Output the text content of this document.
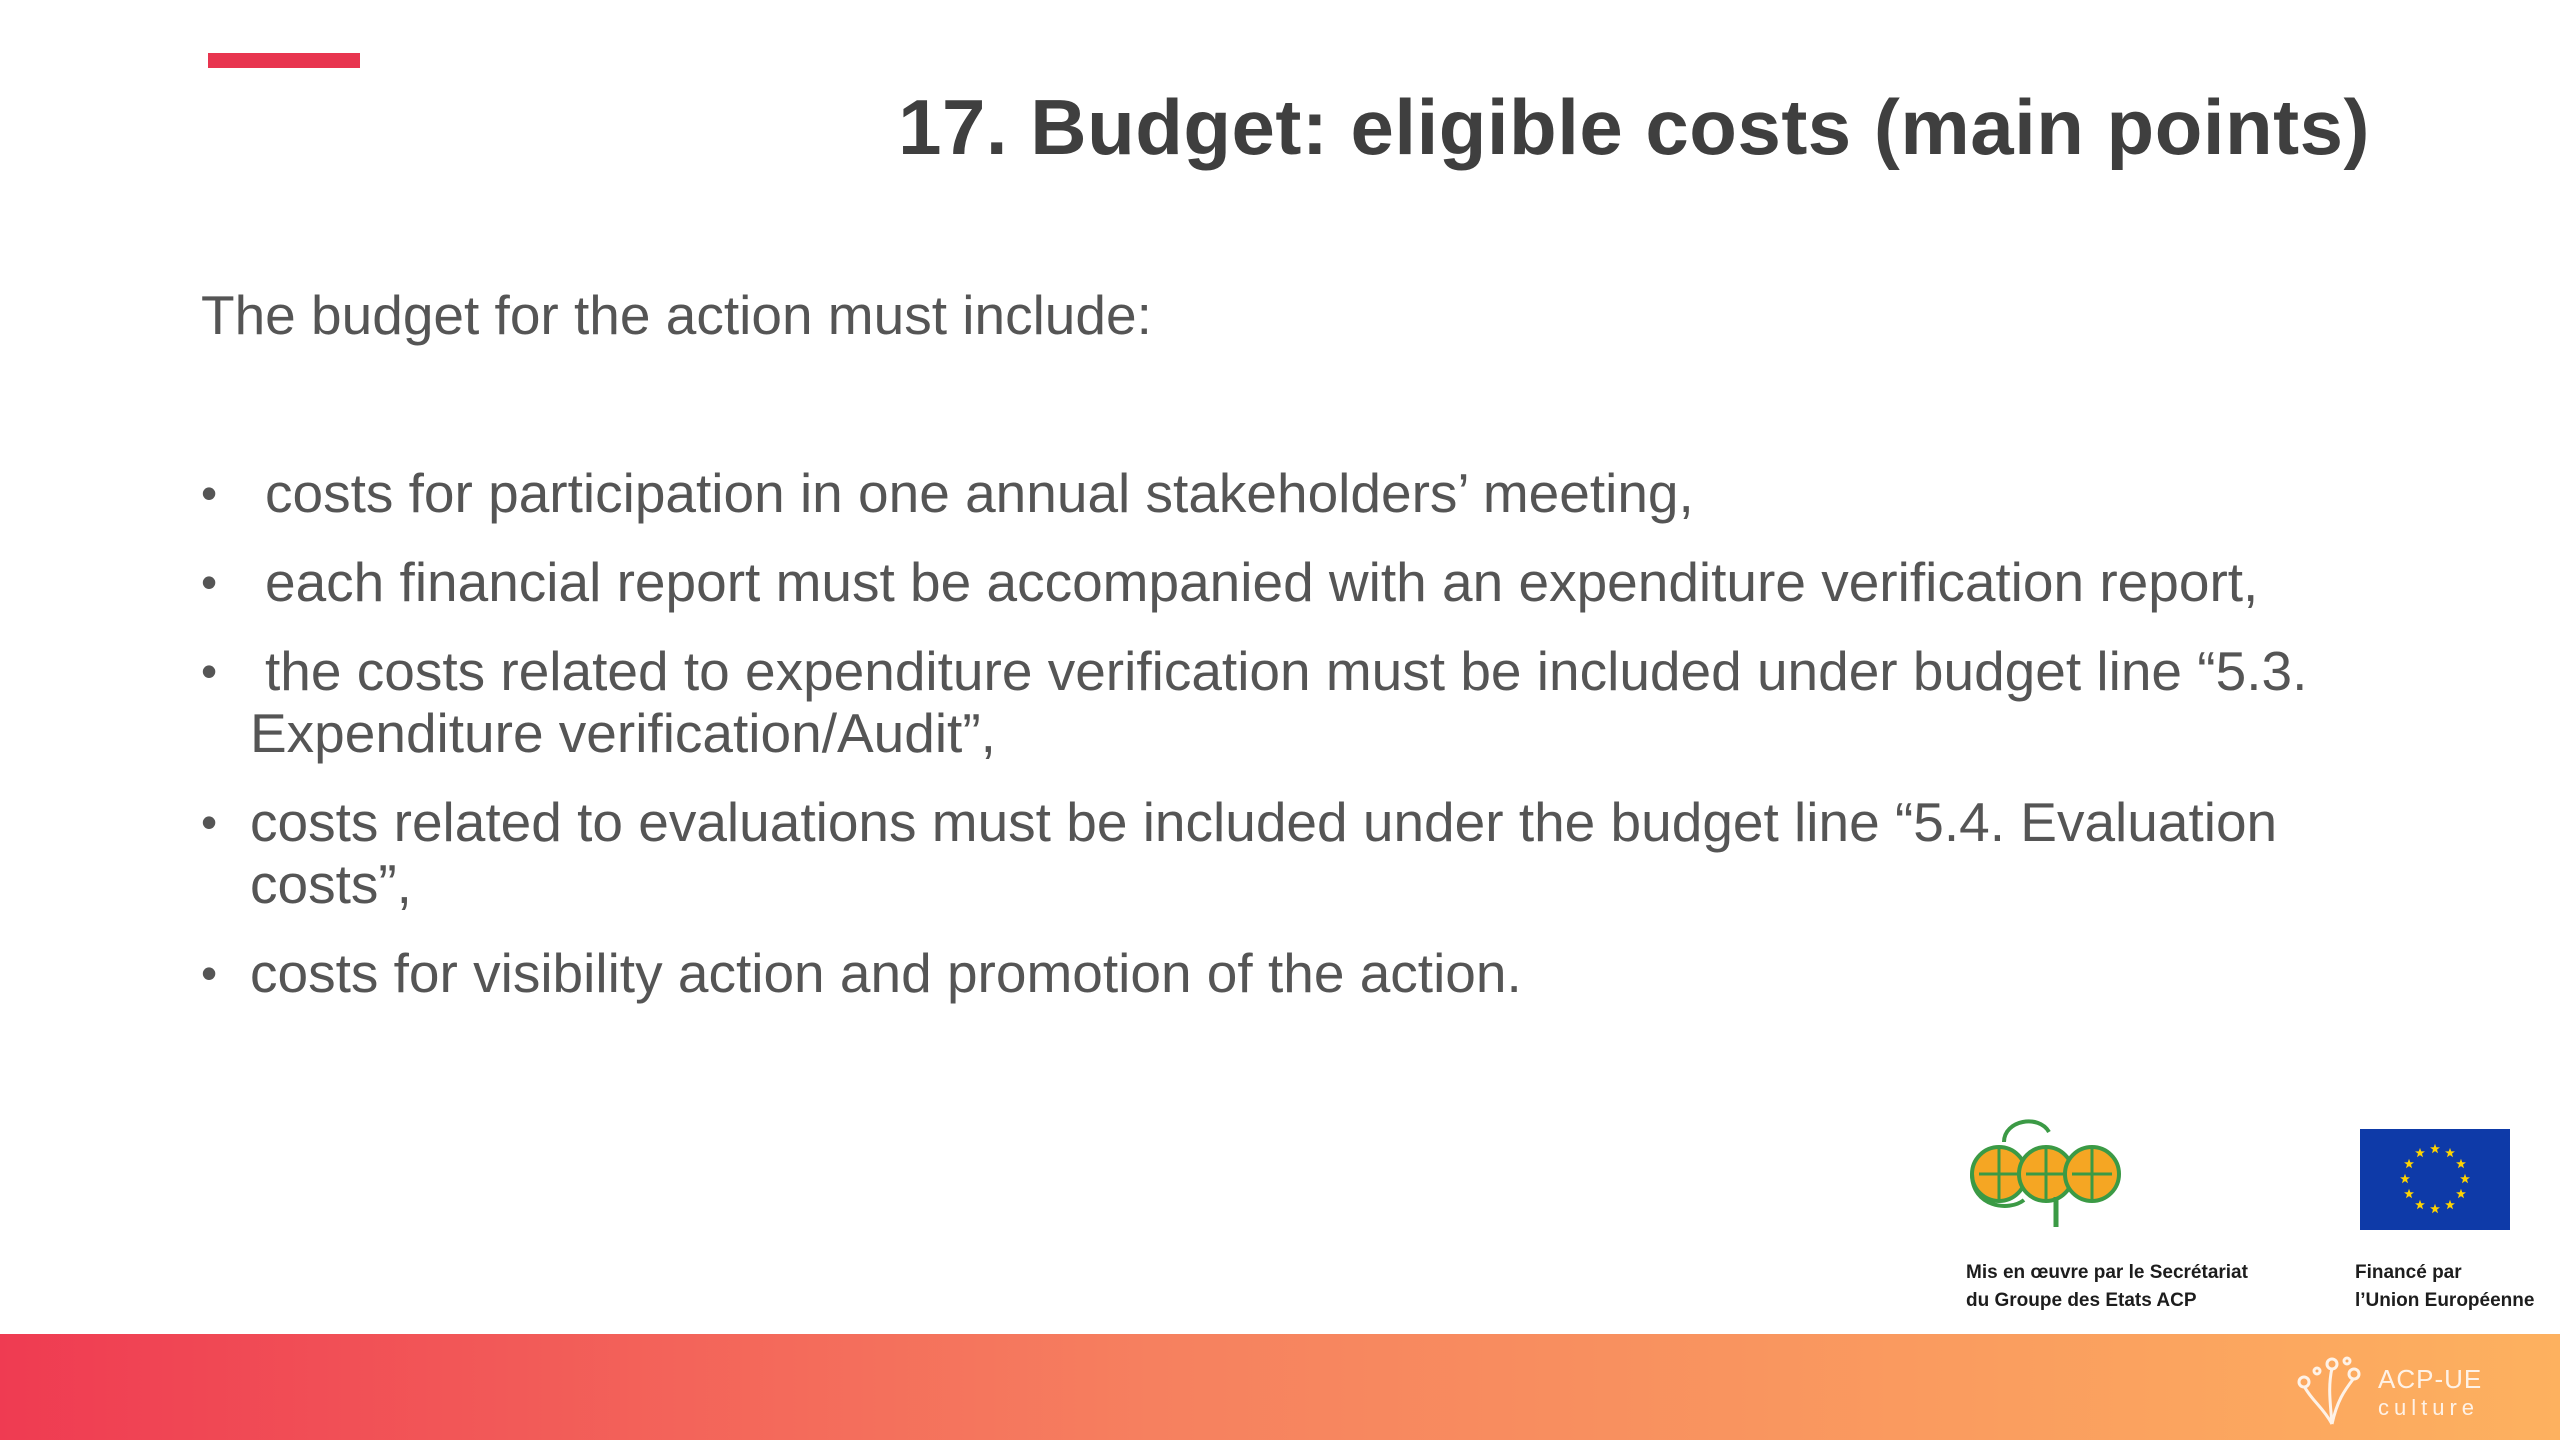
17. Budget: eligible costs (main points)
The budget for the action must include:
• costs for participation in one annual stakeholders’ meeting,
• each financial report must be accompanied with an expenditure verification report,
• the costs related to expenditure verification must be included under budget line “5.3. Expenditure verification/Audit”,
• costs related to evaluations must be included under the budget line “5.4. Evaluation costs”,
• costs for visibility action and promotion of the action.
acp
Mis en œuvre par le Secrétariat
du Groupe des Etats ACP
Financé par
l’Union Européenne
ACP-UE
culture
